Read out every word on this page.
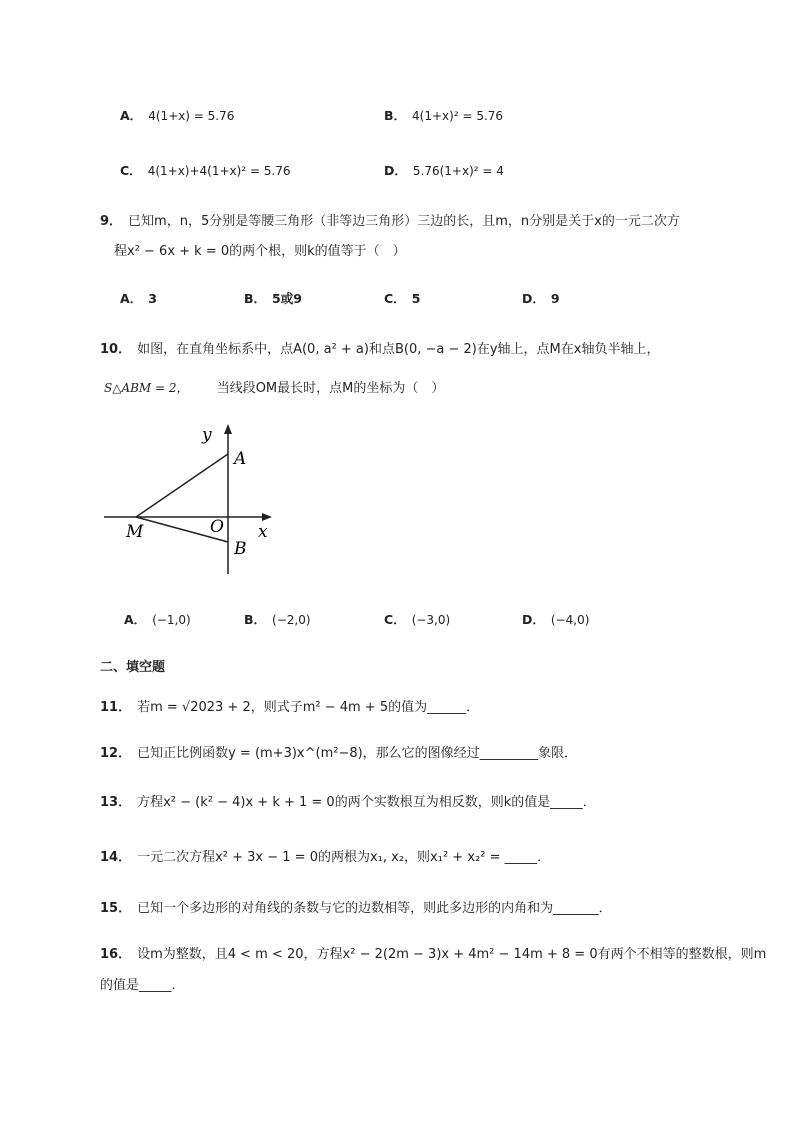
A． 4(1+x) = 5.76	B． 4(1+x)² = 5.76
C． 4(1+x)+4(1+x)² = 5.76	D． 5.76(1+x)² = 4
9． 已知m，n，5分别是等腰三角形（非等边三角形）三边的长，且m，n分别是关于x的一元二次方
程x² − 6x + k = 0的两个根，则k的值等于（　）
A． 3	B． 5或9	C． 5	D． 9
10． 如图，在直角坐标系中，点A(0, a² + a)和点B(0, −a − 2)在y轴上，点M在x轴负半轴上，
S△ABM = 2， 当线段OM最长时，点M的坐标为（　）
y
A
O x
M
B
A． (−1,0)	B． (−2,0)	C． (−3,0)	D． (−4,0)
二、填空题
11． 若m = √2023 + 2，则式子m² − 4m + 5的值为______．
12． 已知正比例函数y = (m+3)x^(m²−8)，那么它的图像经过_________象限．
13． 方程x² − (k² − 4)x + k + 1 = 0的两个实数根互为相反数，则k的值是_____．
14． 一元二次方程x² + 3x − 1 = 0的两根为x₁, x₂，则x₁² + x₂² = _____．
15． 已知一个多边形的对角线的条数与它的边数相等，则此多边形的内角和为_______．
16． 设m为整数，且4 < m < 20，方程x² − 2(2m − 3)x + 4m² − 14m + 8 = 0有两个不相等的整数根，则m
的值是_____．
